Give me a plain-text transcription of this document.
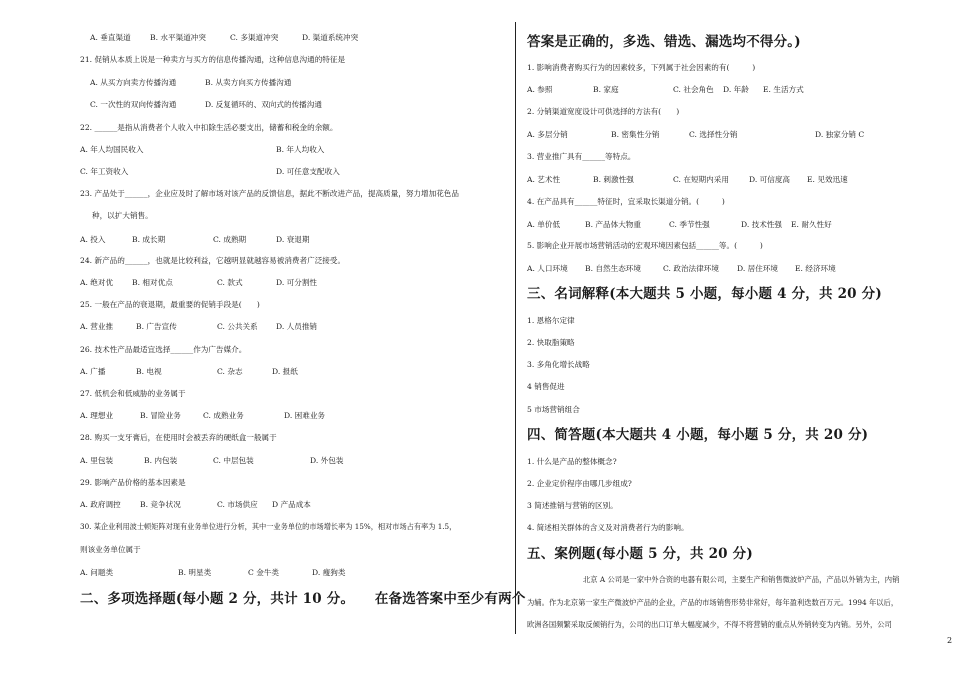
A. 垂直渠道	B. 水平渠道冲突	C. 多渠道冲突	D. 渠道系统冲突
21. 促销从本质上说是一种卖方与买方的信息传播沟通，这种信息沟通的特征是
A. 从买方向卖方传播沟通	B. 从卖方向买方传播沟通
C. 一次性的双向传播沟通	D. 反复循环的、双向式的传播沟通
22. ______是指从消费者个人收入中扣除生活必要支出，储蓄和税金的余额。
A. 年人均国民收入	B. 年人均收入
C. 年工资收入	D. 可任意支配收入
23. 产品处于______，企业应及时了解市场对该产品的反馈信息，据此不断改进产品，提高质量，努力增加花色品
种，以扩大销售。
A. 投入	B. 成长期	C. 成熟期	D. 衰退期
24. 新产品的______，也就是比较利益，它越明显就越容易被消费者广泛接受。
A. 绝对优 B. 相对优点	C. 款式	D. 可分割性
25. 一般在产品的衰退期，最重要的促销手段是(　　)
A. 营业推	B. 广告宣传	C. 公共关系 D. 人员推销
26. 技术性产品最适宜选择______作为广告媒介。
A. 广播	B. 电视	C. 杂志	D. 报纸
27. 低机会和低威胁的业务属于
A. 理想业	B. 冒险业务	C. 成熟业务	D. 困难业务
28. 购买一支牙膏后，在使用时会被丢弃的硬纸盒一般属于
A. 里包装	B. 内包装	C. 中层包装	D. 外包装
29. 影响产品价格的基本因素是
A. 政府调控	B. 竞争状况	C. 市场供应 D 产品成本
30. 某企业利用波士顿矩阵对现有业务单位进行分析，其中一业务单位的市场增长率为 15%，相对市场占有率为 1.5，
则该业务单位属于
A. 问题类	B. 明星类	C 金牛类	D. 瘦狗类
二、多项选择题(每小题 2 分，共计 10 分。　　在备选答案中至少有两个
答案是正确的，多选、错选、漏选均不得分。)
1. 影响消费者购买行为的因素较多，下列属于社会因素的有(　　　)
A. 参照	B. 家庭	C. 社会角色 D. 年龄 E. 生活方式
2. 分销渠道宽度设计可供选择的方法有(　　)
A. 多层分销	B. 密集性分销	C. 选择性分销	D. 独家分销 C
3. 营业推广具有______等特点。
A. 艺术性	B. 刺激性强	C. 在短期内采用	D. 可信度高 E. 见效迅速
4. 在产品具有______特征时，宜采取长渠道分销。(　　　)
A. 单价低	B. 产品体大物重	C. 季节性强	D. 技术性强 E. 耐久性好
5. 影响企业开展市场营销活动的宏观环境因素包括______等。(　　　)
A. 人口环境 B. 自然生态环境	C. 政治法律环境 D. 居住环境 E. 经济环境
三、名词解释(本大题共 5 小题，每小题 4 分，共 20 分)
1. 恩格尔定律
2. 快取脂策略
3. 多角化增长战略
4 销售促进
5 市场营销组合
四、简答题(本大题共 4 小题，每小题 5 分，共 20 分)
1. 什么是产品的整体概念?
2. 企业定价程序由哪几步组成?
3 简述推销与营销的区别。
4. 简述相关群体的含义及对消费者行为的影响。
五、案例题(每小题 5 分，共 20 分)
北京 A 公司是一家中外合资的电器有限公司，主要生产和销售微波炉产品，产品以外销为主，内销
为辅。作为北京第一家生产微波炉产品的企业，产品的市场销售形势非常好，每年盈利迭数百万元。1994 年以后，
欧洲各国频繁采取反倾销行为，公司的出口订单大幅度减少，不得不将营销的重点从外销转变为内销。另外，公司
2
